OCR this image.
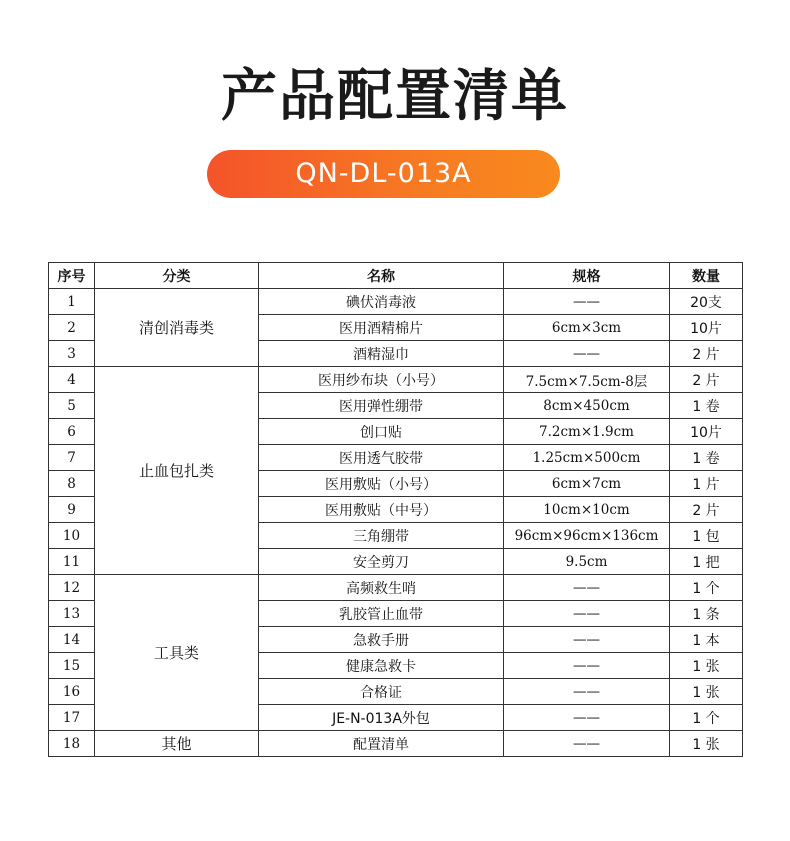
产品配置清单
QN-DL-013A
序号	分类	名称	规格	数量
1	清创消毒类	碘伏消毒液	——	20支
2		医用酒精棉片	6cm×3cm	10片
3		酒精湿巾	——	2 片
4	止血包扎类	医用纱布块（小号）	7.5cm×7.5cm-8层	2 片
5		医用弹性绷带	8cm×450cm	1 卷
6		创口贴	7.2cm×1.9cm	10片
7		医用透气胶带	1.25cm×500cm	1 卷
8		医用敷贴（小号）	6cm×7cm	1 片
9		医用敷贴（中号）	10cm×10cm	2 片
10		三角绷带	96cm×96cm×136cm	1 包
11		安全剪刀	9.5cm	1 把
12	工具类	高频救生哨	——	1 个
13		乳胶管止血带	——	1 条
14		急救手册	——	1 本
15		健康急救卡	——	1 张
16		合格证	——	1 张
17		JE-N-013A外包	——	1 个
18	其他	配置清单	——	1 张
